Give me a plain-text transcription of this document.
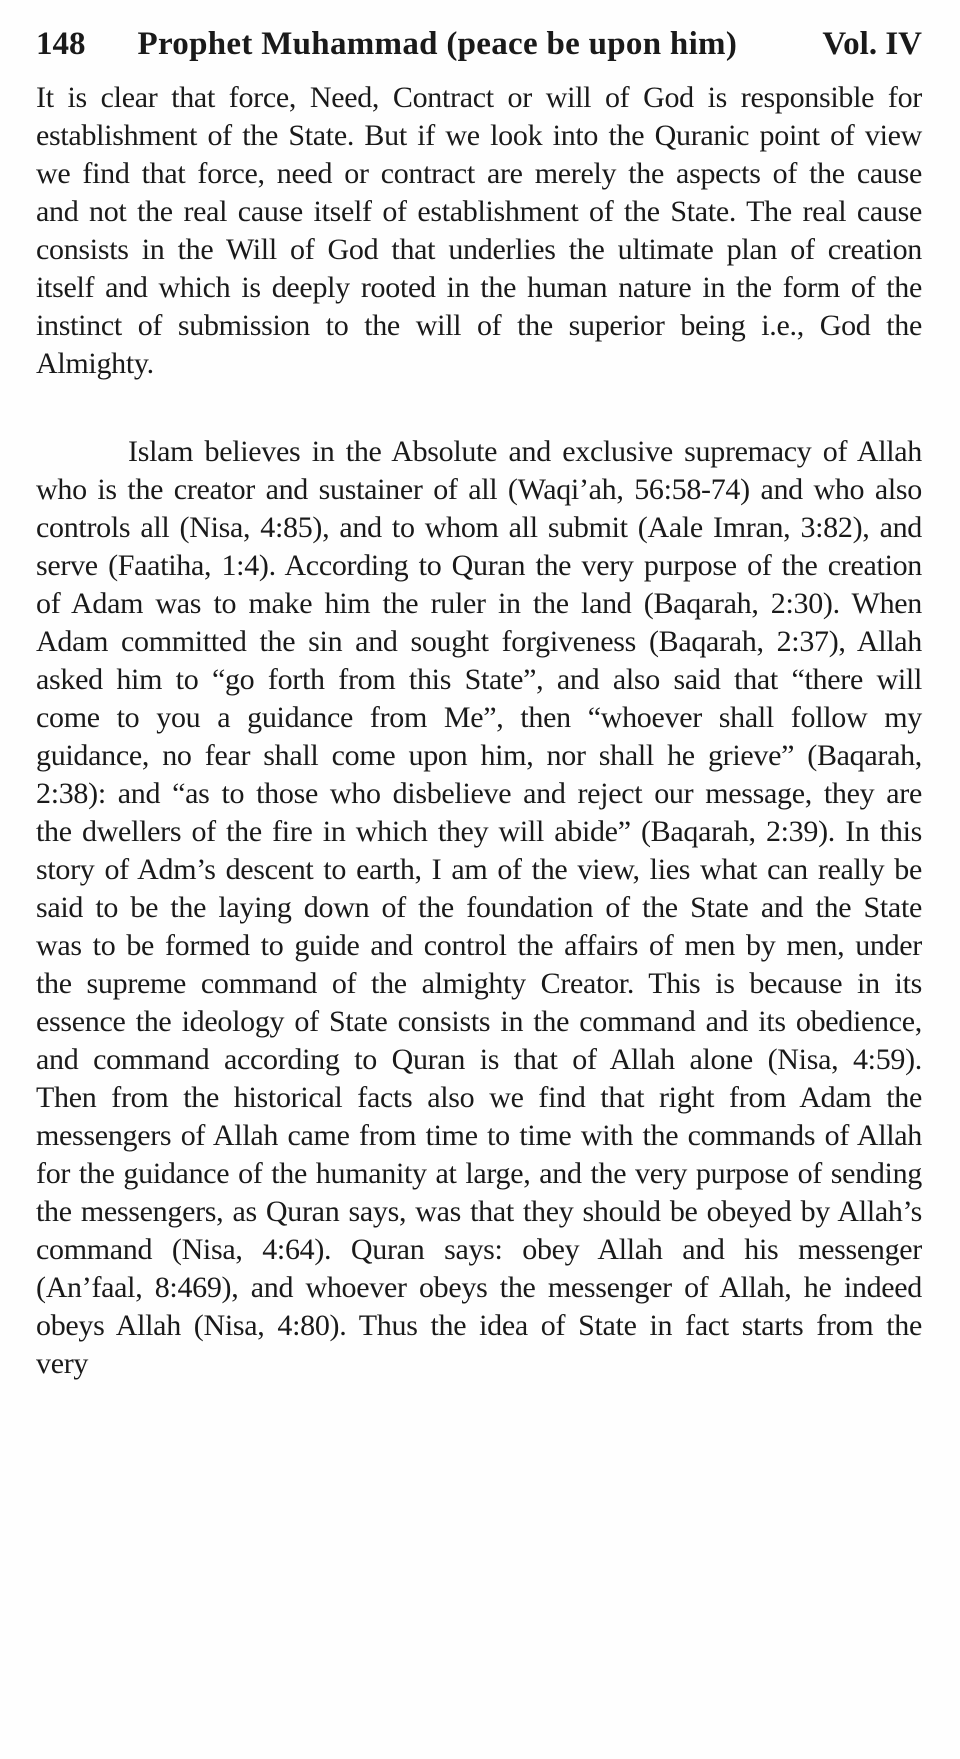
148 Prophet Muhammad (peace be upon him)	Vol. IV

It is clear that force, Need, Contract or will of God is responsible for establishment of the State. But if we look into the Quranic point of view we find that force, need or contract are merely the aspects of the cause and not the real cause itself of establishment of the State. The real cause consists in the Will of God that underlies the ultimate plan of creation itself and which is deeply rooted in the human nature in the form of the instinct of submission to the will of the superior being i.e., God the Almighty.

Islam believes in the Absolute and exclusive supremacy of Allah who is the creator and sustainer of all (Waqi’ah, 56:58-74) and who also controls all (Nisa, 4:85), and to whom all submit (Aale Imran, 3:82), and serve (Faatiha, 1:4). According to Quran the very purpose of the creation of Adam was to make him the ruler in the land (Baqarah, 2:30). When Adam committed the sin and sought forgiveness (Baqarah, 2:37), Allah asked him to “go forth from this State”, and also said that “there will come to you a guidance from Me”, then “whoever shall follow my guidance, no fear shall come upon him, nor shall he grieve” (Baqarah, 2:38): and “as to those who disbelieve and reject our message, they are the dwellers of the fire in which they will abide” (Baqarah, 2:39). In this story of Adm’s descent to earth, I am of the view, lies what can really be said to be the laying down of the foundation of the State and the State was to be formed to guide and control the affairs of men by men, under the supreme command of the almighty Creator. This is because in its essence the ideology of State consists in the command and its obedience, and command according to Quran is that of Allah alone (Nisa, 4:59). Then from the historical facts also we find that right from Adam the messengers of Allah came from time to time with the commands of Allah for the guidance of the humanity at large, and the very purpose of sending the messengers, as Quran says, was that they should be obeyed by Allah’s command (Nisa, 4:64). Quran says: obey Allah and his messenger (An’faal, 8:469), and whoever obeys the messenger of Allah, he indeed obeys Allah (Nisa, 4:80). Thus the idea of State in fact starts from the very
